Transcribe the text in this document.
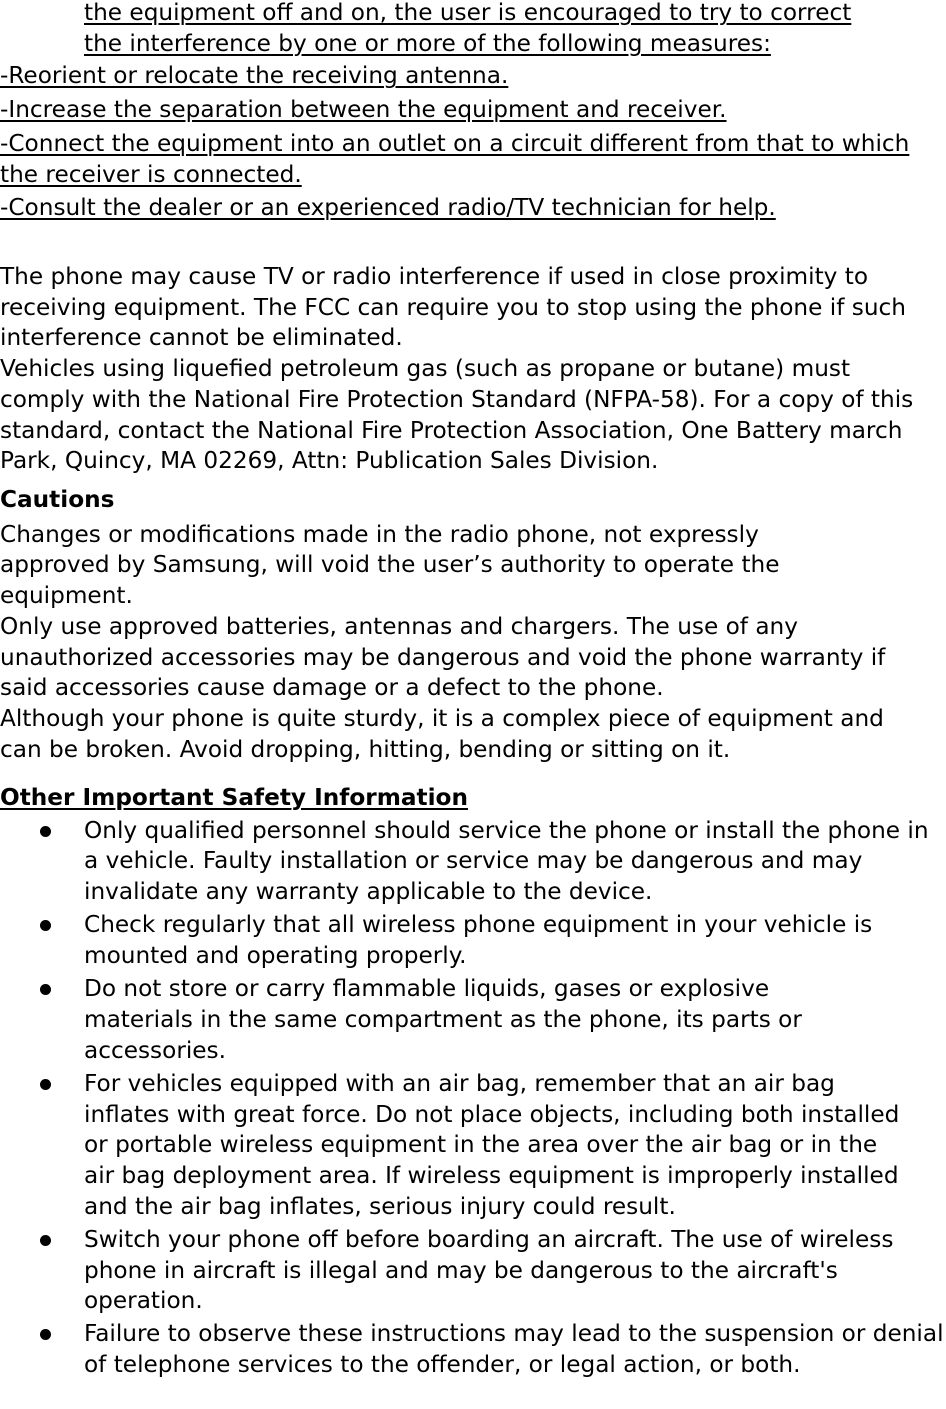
the equipment off and on, the user is encouraged to try to correct

the interference by one or more of the following measures:

-Reorient or relocate the receiving antenna.

-Increase the separation between the equipment and receiver.

-Connect the equipment into an outlet on a circuit different from that to which the receiver is connected.

-Consult the dealer or an experienced radio/TV technician for help.

The phone may cause TV or radio interference if used in close proximity to receiving equipment. The FCC can require you to stop using the phone if such interference cannot be eliminated.

Vehicles using liquefied petroleum gas (such as propane or butane) must comply with the National Fire Protection Standard (NFPA-58). For a copy of this standard, contact the National Fire Protection Association, One Battery march Park, Quincy, MA 02269, Attn: Publication Sales Division.

Cautions

Changes or modifications made in the radio phone, not expressly approved by Samsung, will void the user’s authority to operate the equipment.

Only use approved batteries, antennas and chargers. The use of any unauthorized accessories may be dangerous and void the phone warranty if said accessories cause damage or a defect to the phone.

Although your phone is quite sturdy, it is a complex piece of equipment and can be broken. Avoid dropping, hitting, bending or sitting on it.

Other Important Safety Information

Only qualified personnel should service the phone or install the phone in a vehicle. Faulty installation or service may be dangerous and may invalidate any warranty applicable to the device.
Check regularly that all wireless phone equipment in your vehicle is mounted and operating properly.
Do not store or carry flammable liquids, gases or explosive materials in the same compartment as the phone, its parts or accessories.
For vehicles equipped with an air bag, remember that an air bag inflates with great force. Do not place objects, including both installed or portable wireless equipment in the area over the air bag or in the air bag deployment area. If wireless equipment is improperly installed and the air bag inflates, serious injury could result.
Switch your phone off before boarding an aircraft. The use of wireless phone in aircraft is illegal and may be dangerous to the aircraft's operation.
Failure to observe these instructions may lead to the suspension or denial of telephone services to the offender, or legal action, or both.
